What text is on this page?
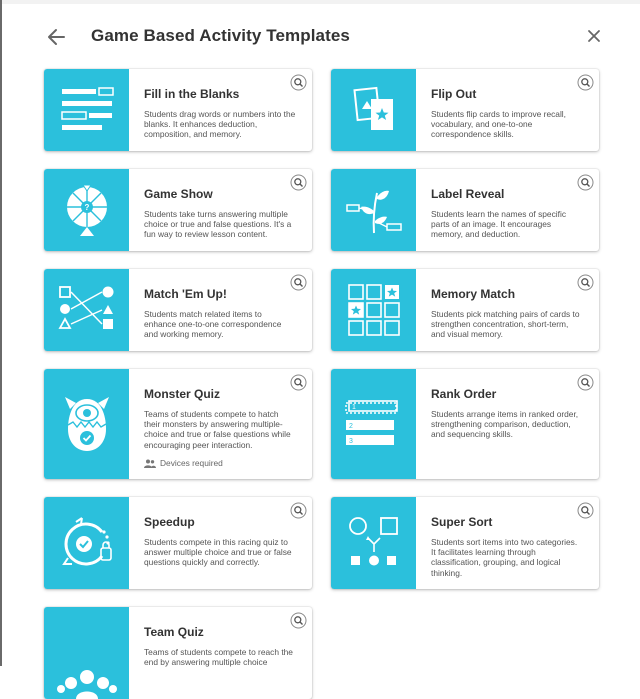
Game Based Activity Templates
Fill in the Blanks
Students drag words or numbers into the blanks. It enhances deduction, composition, and memory.
Flip Out
Students flip cards to improve recall, vocabulary, and one-to-one correspondence skills.
?
Game Show
Students take turns answering multiple choice or true and false questions. It's a fun way to review lesson content.
Label Reveal
Students learn the names of specific parts of an image. It encourages memory, and deduction.
Match 'Em Up!
Students match related items to enhance one-to-one correspondence and working memory.
Memory Match
Students pick matching pairs of cards to strengthen concentration, short-term, and visual memory.
Monster Quiz
Teams of students compete to hatch their monsters by answering multiple-choice and true or false questions while encouraging peer interaction.
Devices required
1
2
3
Rank Order
Students arrange items in ranked order, strengthening comparison, deduction, and sequencing skills.
Speedup
Students compete in this racing quiz to answer multiple choice and true or false questions quickly and correctly.
Super Sort
Students sort items into two categories. It facilitates learning through classification, grouping, and logical thinking.
Team Quiz
Teams of students compete to reach the end by answering multiple choice
